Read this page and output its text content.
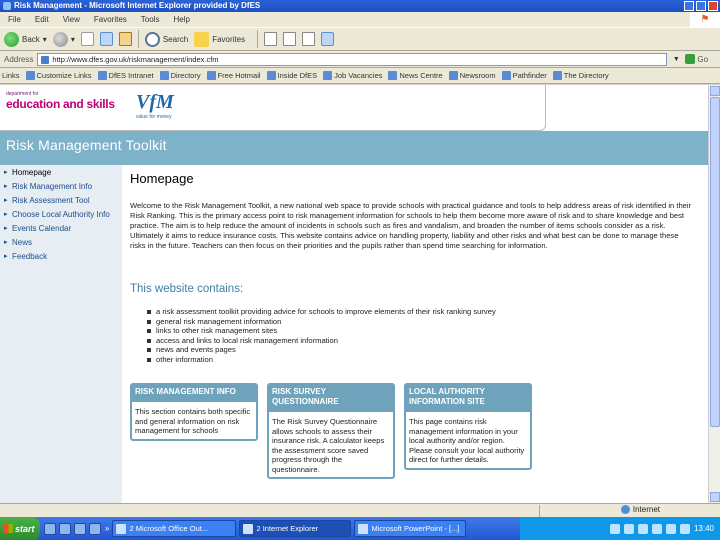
Risk Management - Microsoft Internet Explorer provided by DfES
File Edit View Favorites Tools Help	⚑
Back ▾	▾	Search	Favorites
Address	http://www.dfes.gov.uk/riskmanagement/index.cfm	▼ Go
Links	Customize Links	DfES Intranet	Directory	Free Hotmail	Inside DfES	Job Vacancies	News Centre	Newsroom	Pathfinder	The Directory
department for
education and skills VfM
value for money
Risk Management Toolkit
▸ Homepage
▸ Risk Management Info
▸ Risk Assessment Tool
▸ Choose Local Authority Info
▸ Events Calendar
▸ News
▸ Feedback
Homepage

Welcome to the Risk Management Toolkit, a new national web space to provide schools with practical guidance and tools to help address areas of risk identified in their Risk Ranking. This is the primary access point to risk management information for schools to help them become more aware of risk and to share knowledge and best practice. The aim is to help reduce the amount of incidents in schools such as fires and vandalism, and broaden the number of items schools consider as a risk. Ultimately it aims to reduce insurance costs. This website contains advice on handling property, liability and other risks and what best can be done to manage these risks in the future. Teachers can then focus on their priorities and the pupils rather than spend time searching for information.

This website contains:
a risk assessment toolkit providing advice for schools to improve elements of their risk ranking survey
general risk management information
links to other risk management sites
access and links to local risk management information
news and events pages
other information
RISK MANAGEMENT INFO
This section contains both specific and general information on risk management for schools
RISK SURVEY QUESTIONNAIRE
The Risk Survey Questionnaire allows schools to assess their insurance risk. A calculator keeps the assessment score saved progress through the questionnaire.
LOCAL AUTHORITY INFORMATION SITE
This page contains risk management information in your local authority and/or region. Please consult your local authority direct for further details.
Internet
start	»	2 Microsoft Office Out...	2 Internet Explorer	Microsoft PowerPoint - [...]	13:40
